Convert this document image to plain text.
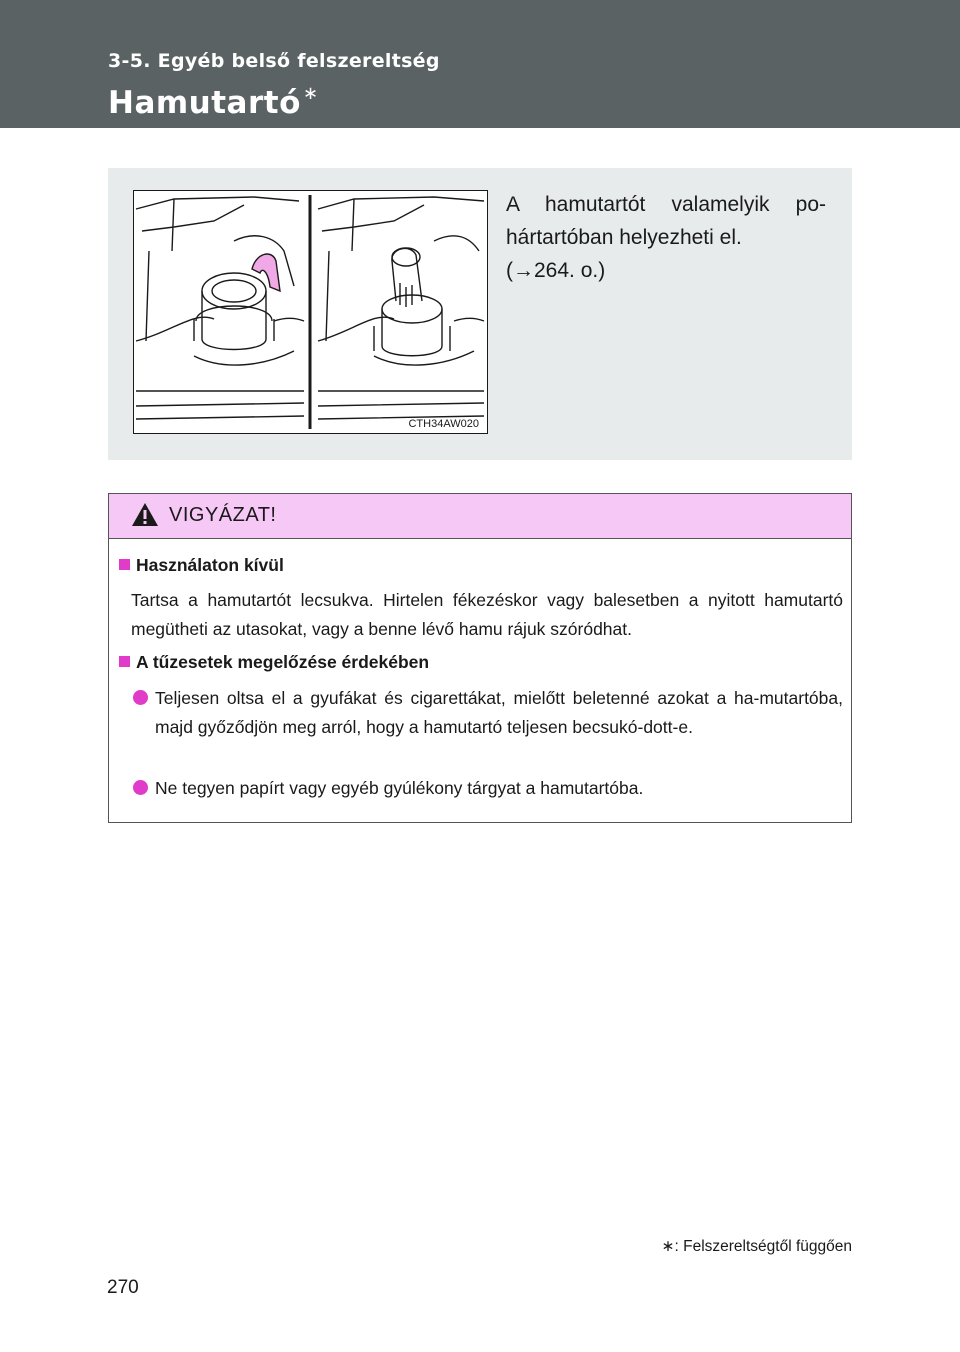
3-5. Egyéb belső felszereltség
Hamutartó ∗
CTH34AW020
A hamutartót valamelyik po-
hártartóban helyezheti el.
(→264. o.)
VIGYÁZAT!
Használaton kívül
Tartsa a hamutartót lecsukva. Hirtelen fékezéskor vagy balesetben a nyitott hamutartó megütheti az utasokat, vagy a benne lévő hamu rájuk szóródhat.
A tűzesetek megelőzése érdekében
Teljesen oltsa el a gyufákat és cigarettákat, mielőtt beletenné azokat a ha-mutartóba, majd győződjön meg arról, hogy a hamutartó teljesen becsukó-dott-e.
Ne tegyen papírt vagy egyéb gyúlékony tárgyat a hamutartóba.
∗: Felszereltségtől függően
270
